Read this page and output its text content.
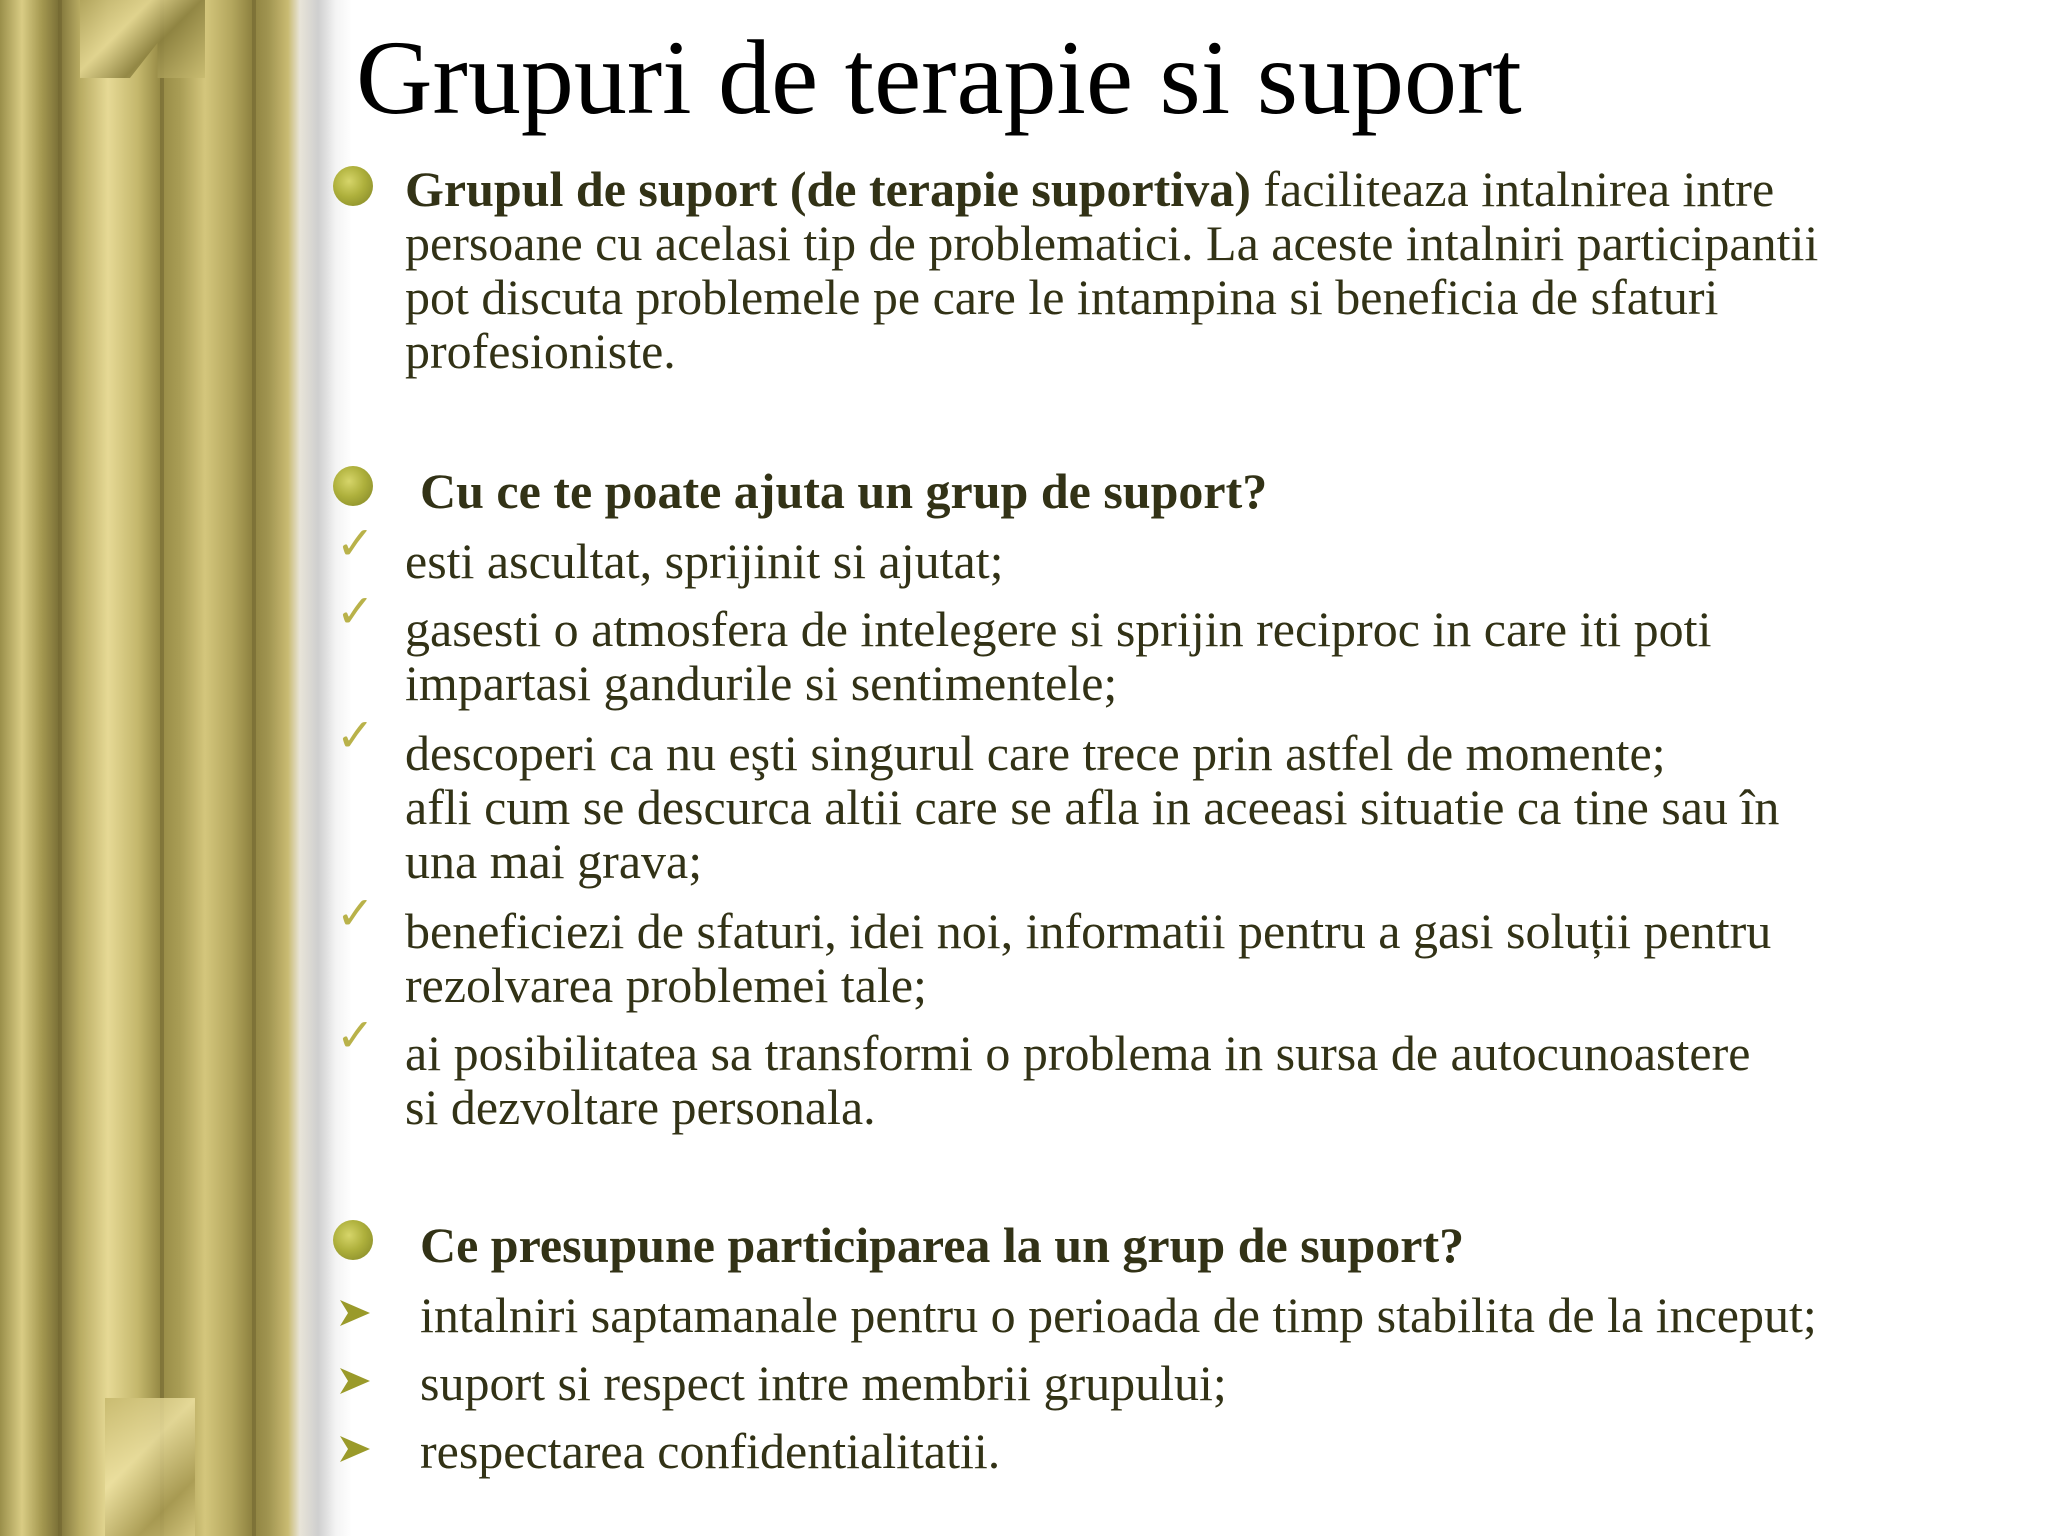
Grupuri de terapie si suport
Grupul de suport (de terapie suportiva) faciliteaza intalnirea intre
persoane cu acelasi tip de problematici. La aceste intalniri participantii
pot discuta problemele pe care le intampina si beneficia de sfaturi
profesioniste.
Cu ce te poate ajuta un grup de suport?
✓ esti ascultat, sprijinit si ajutat;
✓ gasesti o atmosfera de intelegere si sprijin reciproc in care iti poti
impartasi gandurile si sentimentele;
✓ descoperi ca nu eşti singurul care trece prin astfel de momente;
afli cum se descurca altii care se afla in aceeasi situatie ca tine sau în
una mai grava;
✓ beneficiezi de sfaturi, idei noi, informatii pentru a gasi soluții pentru
rezolvarea problemei tale;
✓ ai posibilitatea sa transformi o problema in sursa de autocunoastere
si dezvoltare personala.
Ce presupune participarea la un grup de suport?
intalniri saptamanale pentru o perioada de timp stabilita de la inceput;
suport si respect intre membrii grupului;
respectarea confidentialitatii.
